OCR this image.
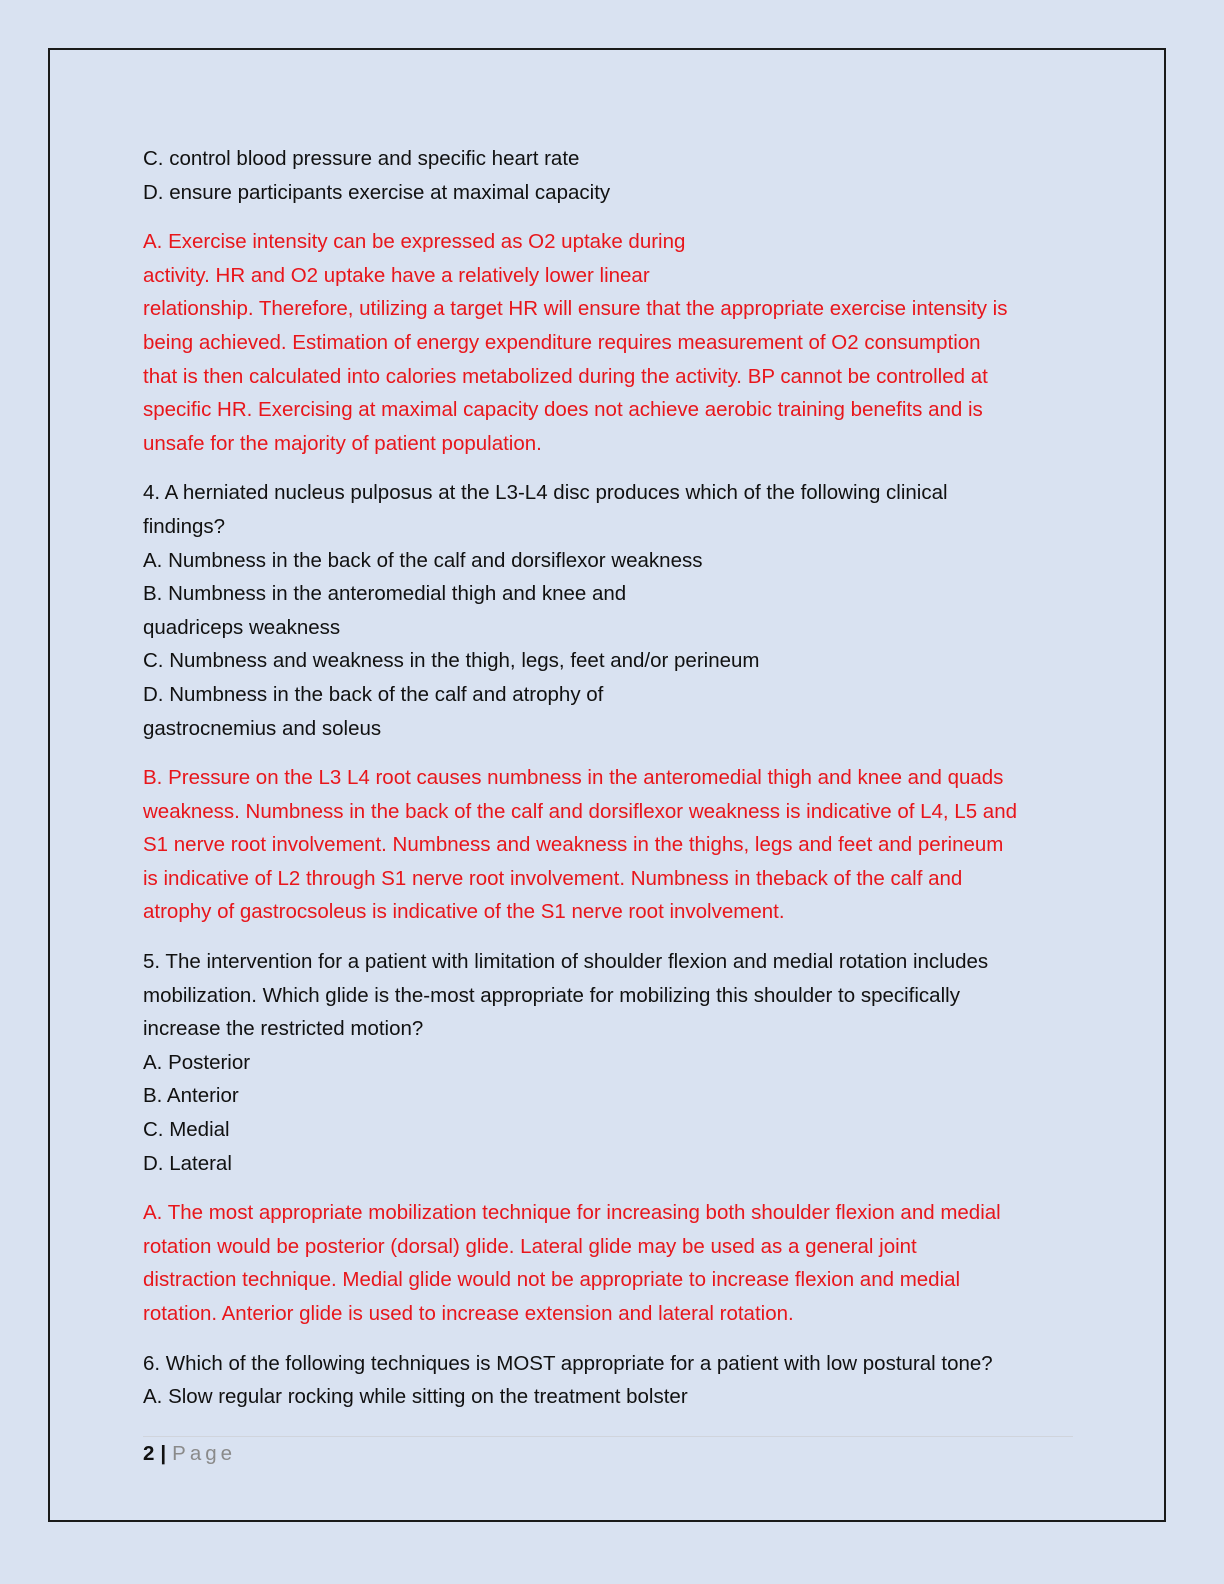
C. control blood pressure and specific heart rate

D. ensure participants exercise at maximal capacity

A. Exercise intensity can be expressed as O2 uptake during

activity. HR and O2 uptake have a relatively lower linear

relationship. Therefore, utilizing a target HR will ensure that the appropriate exercise intensity is

being achieved. Estimation of energy expenditure requires measurement of O2 consumption

that is then calculated into calories metabolized during the activity. BP cannot be controlled at

specific HR. Exercising at maximal capacity does not achieve aerobic training benefits and is

unsafe for the majority of patient population.

4. A herniated nucleus pulposus at the L3-L4 disc produces which of the following clinical

findings?

A. Numbness in the back of the calf and dorsiflexor weakness

B. Numbness in the anteromedial thigh and knee and

quadriceps weakness

C. Numbness and weakness in the thigh, legs, feet and/or perineum

D. Numbness in the back of the calf and atrophy of

gastrocnemius and soleus

B. Pressure on the L3 L4 root causes numbness in the anteromedial thigh and knee and quads

weakness. Numbness in the back of the calf and dorsiflexor weakness is indicative of L4, L5 and

S1 nerve root involvement. Numbness and weakness in the thighs, legs and feet and perineum

is indicative of L2 through S1 nerve root involvement. Numbness in theback of the calf and

atrophy of gastrocsoleus is indicative of the S1 nerve root involvement.

5. The intervention for a patient with limitation of shoulder flexion and medial rotation includes

mobilization. Which glide is the-most appropriate for mobilizing this shoulder to specifically

increase the restricted motion?

A. Posterior

B. Anterior

C. Medial

D. Lateral

A. The most appropriate mobilization technique for increasing both shoulder flexion and medial

rotation would be posterior (dorsal) glide. Lateral glide may be used as a general joint

distraction technique. Medial glide would not be appropriate to increase flexion and medial

rotation. Anterior glide is used to increase extension and lateral rotation.

6. Which of the following techniques is MOST appropriate for a patient with low postural tone?

A. Slow regular rocking while sitting on the treatment bolster

2 | Page
